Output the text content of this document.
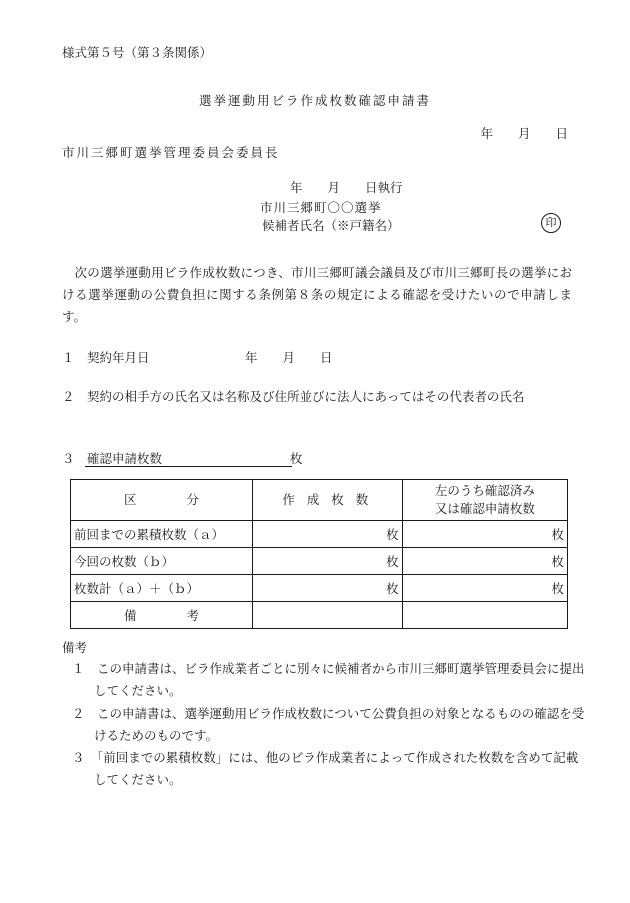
様式第５号（第３条関係）
選挙運動用ビラ作成枚数確認申請書
年　　月　　日
市川三郷町選挙管理委員会委員長
年　　月　　日執行
市川三郷町〇〇選挙
候補者氏名（※戸籍名）	印
次の選挙運動用ビラ作成枚数につき、市川三郷町議会議員及び市川三郷町長の選挙における選挙運動の公費負担に関する条例第８条の規定による確認を受けたいので申請します。
１　契約年月日	年　　月　　日
２　契約の相手方の氏名又は名称及び住所並びに法人にあってはその代表者の氏名
３　確認申請枚数	枚
区　　　　分	作 成 枚 数	左のうち確認済み
又は確認申請枚数

前回までの累積枚数（ａ）	枚	枚
今回の枚数（ｂ）	枚	枚
枚数計（ａ）＋（ｂ）	枚	枚
備　　　　考		
備考
１　この申請書は、ビラ作成業者ごとに別々に候補者から市川三郷町選挙管理委員会に提出してください。
２　この申請書は、選挙運動用ビラ作成枚数について公費負担の対象となるものの確認を受けるためのものです。
３　「前回までの累積枚数」には、他のビラ作成業者によって作成された枚数を含めて記載してください。
